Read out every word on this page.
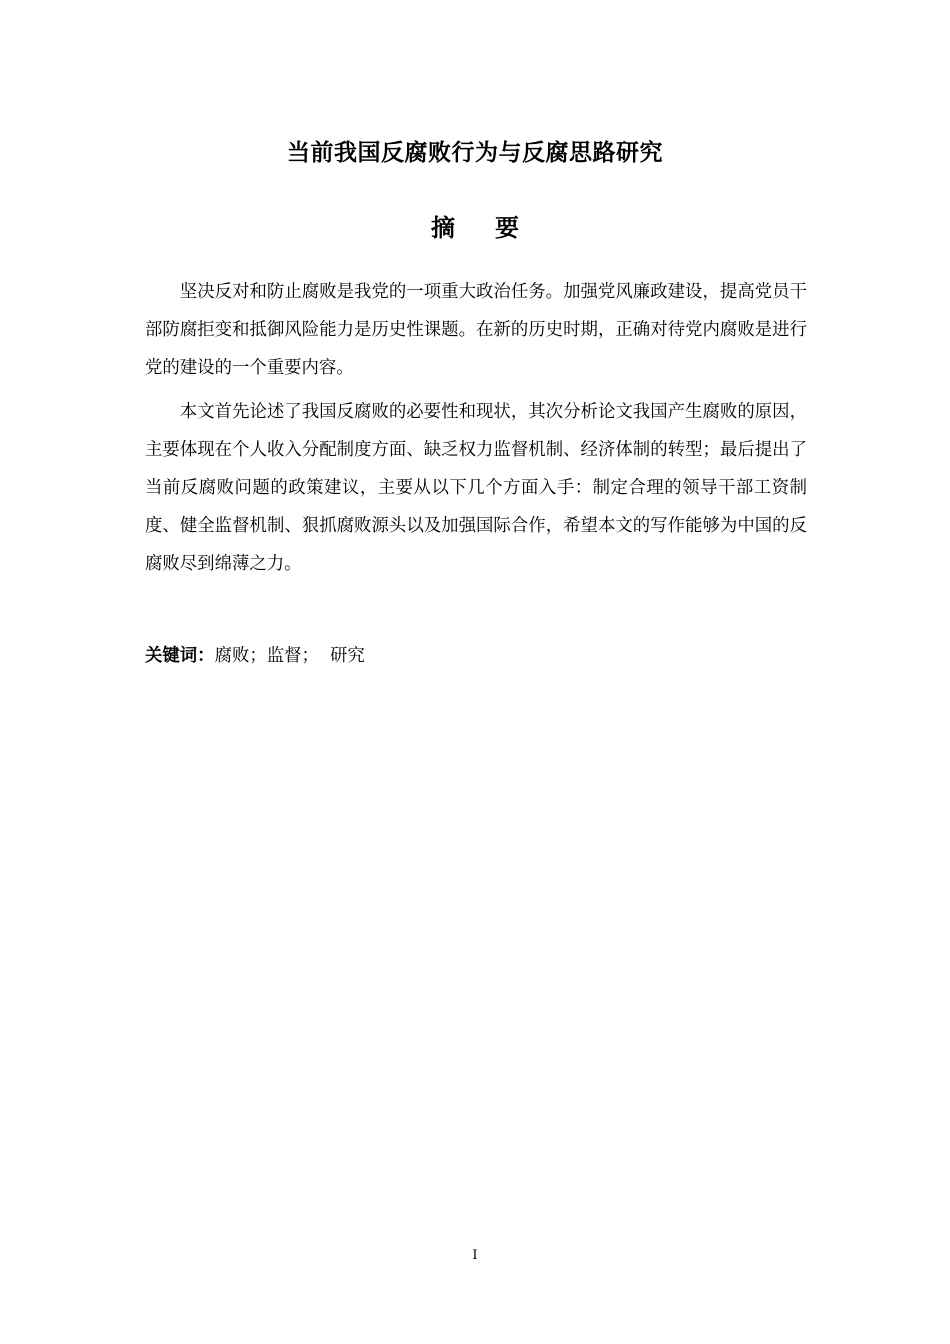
当前我国反腐败行为与反腐思路研究
摘要

坚决反对和防止腐败是我党的一项重大政治任务。加强党风廉政建设，提高党员干部防腐拒变和抵御风险能力是历史性课题。在新的历史时期，正确对待党内腐败是进行党的建设的一个重要内容。

本文首先论述了我国反腐败的必要性和现状，其次分析论文我国产生腐败的原因，主要体现在个人收入分配制度方面、缺乏权力监督机制、经济体制的转型；最后提出了当前反腐败问题的政策建议，主要从以下几个方面入手：制定合理的领导干部工资制度、健全监督机制、狠抓腐败源头以及加强国际合作，希望本文的写作能够为中国的反腐败尽到绵薄之力。

关键词：腐败；监督；  研究
I
